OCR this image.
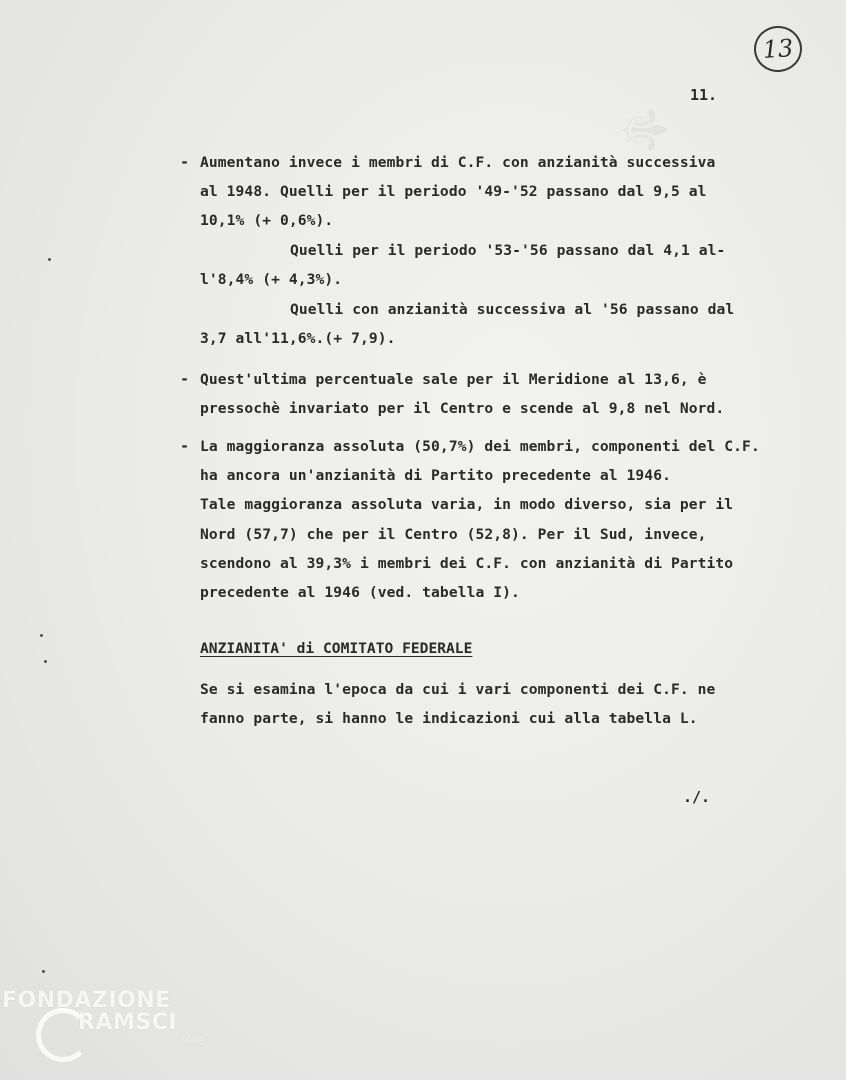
13
11.
- Aumentano invece i membri di C.F. con anzianità successiva
al 1948. Quelli per il periodo '49-'52 passano dal 9,5 al
10,1% (+ 0,6%).
Quelli per il periodo '53-'56 passano dal 4,1 al-
l'8,4% (+ 4,3%).
Quelli con anzianità successiva al '56 passano dal
3,7 all'11,6%.(+ 7,9).
- Quest'ultima percentuale sale per il Meridione al 13,6, è
pressochè invariato per il Centro e scende al 9,8 nel Nord.
- La maggioranza assoluta (50,7%) dei membri, componenti del C.F.
ha ancora un'anzianità di Partito precedente al 1946.
Tale maggioranza assoluta varia, in modo diverso, sia per il
Nord (57,7) che per il Centro (52,8). Per il Sud, invece,
scendono al 39,3% i membri dei C.F. con anzianità di Partito
precedente al 1946 (ved. tabella I).
ANZIANITA' di COMITATO FEDERALE
Se si esamina l'epoca da cui i vari componenti dei C.F. ne
fanno parte, si hanno le indicazioni cui alla tabella L.
./.
FONDAZIONE
RAMSCI
onlus
